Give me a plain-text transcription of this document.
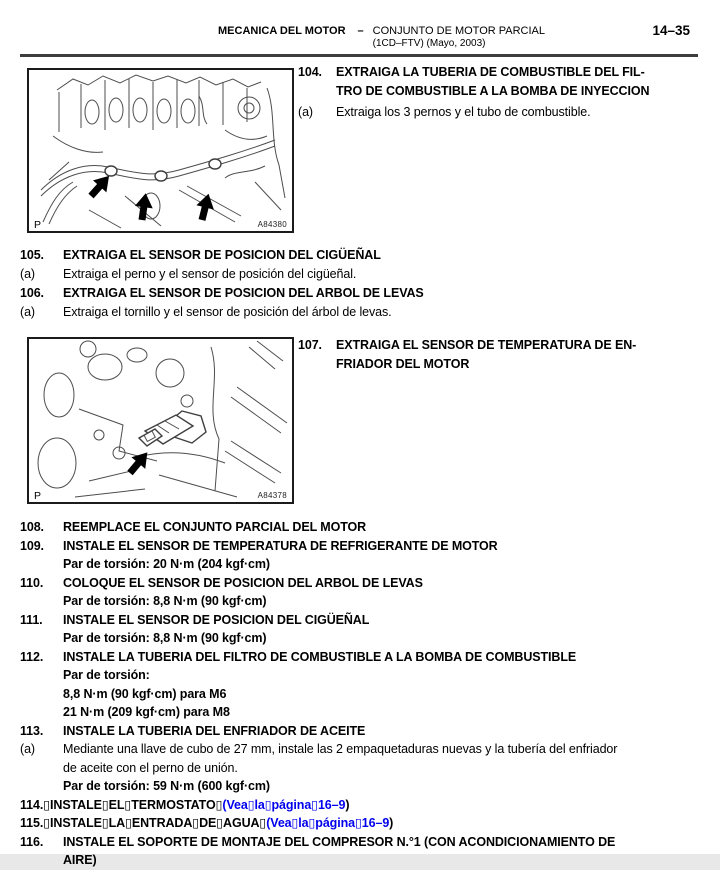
MECANICA DEL MOTOR – CONJUNTO DE MOTOR PARCIAL
(1CD–FTV) (Mayo, 2003)
14–35
P	A84380
104.	EXTRAIGA LA TUBERIA DE COMBUSTIBLE DEL FIL-
TRO DE COMBUSTIBLE A LA BOMBA DE INYECCION
(a)	Extraiga los 3 pernos y el tubo de combustible.
105.	EXTRAIGA EL SENSOR DE POSICION DEL CIGÜEÑAL
(a)	Extraiga el perno y el sensor de posición del cigüeñal.
106.	EXTRAIGA EL SENSOR DE POSICION DEL ARBOL DE LEVAS
(a)	Extraiga el tornillo y el sensor de posición del árbol de levas.
P	A84378
107.	EXTRAIGA EL SENSOR DE TEMPERATURA DE EN-
FRIADOR DEL MOTOR
108.	REEMPLACE EL CONJUNTO PARCIAL DEL MOTOR
109.	INSTALE EL SENSOR DE TEMPERATURA DE REFRIGERANTE DE MOTOR
Par de torsión: 20 N·m (204 kgf·cm)
110.	COLOQUE EL SENSOR DE POSICION DEL ARBOL DE LEVAS
Par de torsión: 8,8 N·m (90 kgf·cm)
111.	INSTALE EL SENSOR DE POSICION DEL CIGÜEÑAL
Par de torsión: 8,8 N·m (90 kgf·cm)
112.	INSTALE LA TUBERIA DEL FILTRO DE COMBUSTIBLE A LA BOMBA DE COMBUSTIBLE
Par de torsión:
8,8 N·m (90 kgf·cm) para M6
21 N·m (209 kgf·cm) para M8
113.	INSTALE LA TUBERIA DEL ENFRIADOR DE ACEITE
(a)	Mediante una llave de cubo de 27 mm, instale las 2 empaquetaduras nuevas y la tubería del enfriador
de aceite con el perno de unión.
Par de torsión: 59 N·m (600 kgf·cm)
114.▯INSTALE▯EL▯TERMOSTATO▯(Vea▯la▯página▯16–9)
115.▯INSTALE▯LA▯ENTRADA▯DE▯AGUA▯(Vea▯la▯página▯16–9)
116.	INSTALE EL SOPORTE DE MONTAJE DEL COMPRESOR N.°1 (CON ACONDICIONAMIENTO DE
AIRE)
